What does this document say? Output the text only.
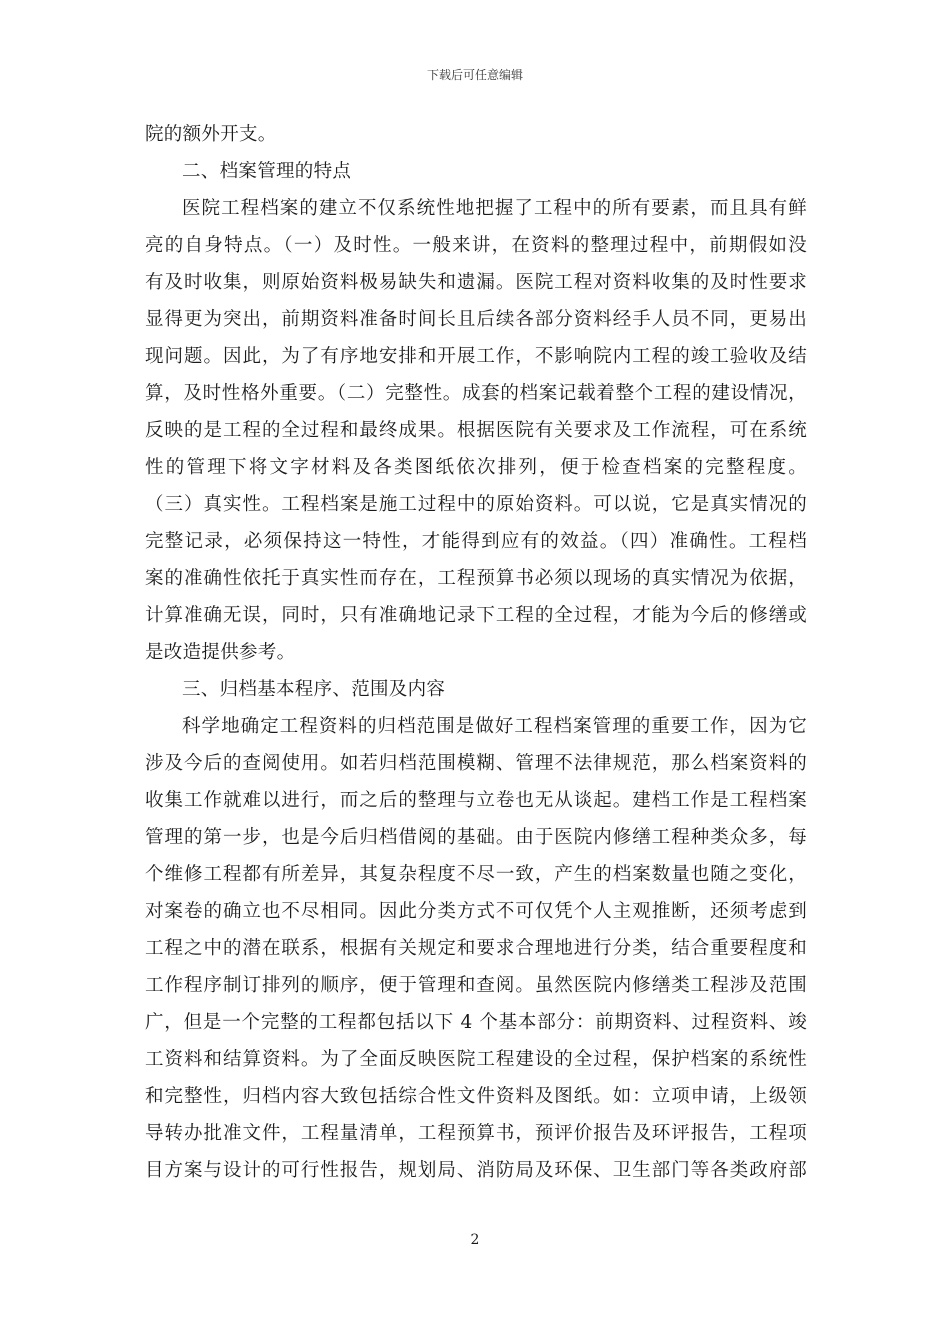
下载后可任意编辑
院的额外开支。
二、档案管理的特点
医院工程档案的建立不仅系统性地把握了工程中的所有要素，而且具有鲜
亮的自身特点。（一）及时性。一般来讲，在资料的整理过程中，前期假如没
有及时收集，则原始资料极易缺失和遗漏。医院工程对资料收集的及时性要求
显得更为突出，前期资料准备时间长且后续各部分资料经手人员不同，更易出
现问题。因此，为了有序地安排和开展工作，不影响院内工程的竣工验收及结
算，及时性格外重要。（二）完整性。成套的档案记载着整个工程的建设情况，
反映的是工程的全过程和最终成果。根据医院有关要求及工作流程，可在系统
性的管理下将文字材料及各类图纸依次排列，便于检查档案的完整程度。
（三）真实性。工程档案是施工过程中的原始资料。可以说，它是真实情况的
完整记录，必须保持这一特性，才能得到应有的效益。（四）准确性。工程档
案的准确性依托于真实性而存在，工程预算书必须以现场的真实情况为依据，
计算准确无误，同时，只有准确地记录下工程的全过程，才能为今后的修缮或
是改造提供参考。
三、归档基本程序、范围及内容
科学地确定工程资料的归档范围是做好工程档案管理的重要工作，因为它
涉及今后的查阅使用。如若归档范围模糊、管理不法律规范，那么档案资料的
收集工作就难以进行，而之后的整理与立卷也无从谈起。建档工作是工程档案
管理的第一步，也是今后归档借阅的基础。由于医院内修缮工程种类众多，每
个维修工程都有所差异，其复杂程度不尽一致，产生的档案数量也随之变化，
对案卷的确立也不尽相同。因此分类方式不可仅凭个人主观推断，还须考虑到
工程之中的潜在联系，根据有关规定和要求合理地进行分类，结合重要程度和
工作程序制订排列的顺序，便于管理和查阅。虽然医院内修缮类工程涉及范围
广，但是一个完整的工程都包括以下 4 个基本部分：前期资料、过程资料、竣
工资料和结算资料。为了全面反映医院工程建设的全过程，保护档案的系统性
和完整性，归档内容大致包括综合性文件资料及图纸。如：立项申请，上级领
导转办批准文件，工程量清单，工程预算书，预评价报告及环评报告，工程项
目方案与设计的可行性报告，规划局、消防局及环保、卫生部门等各类政府部
2
